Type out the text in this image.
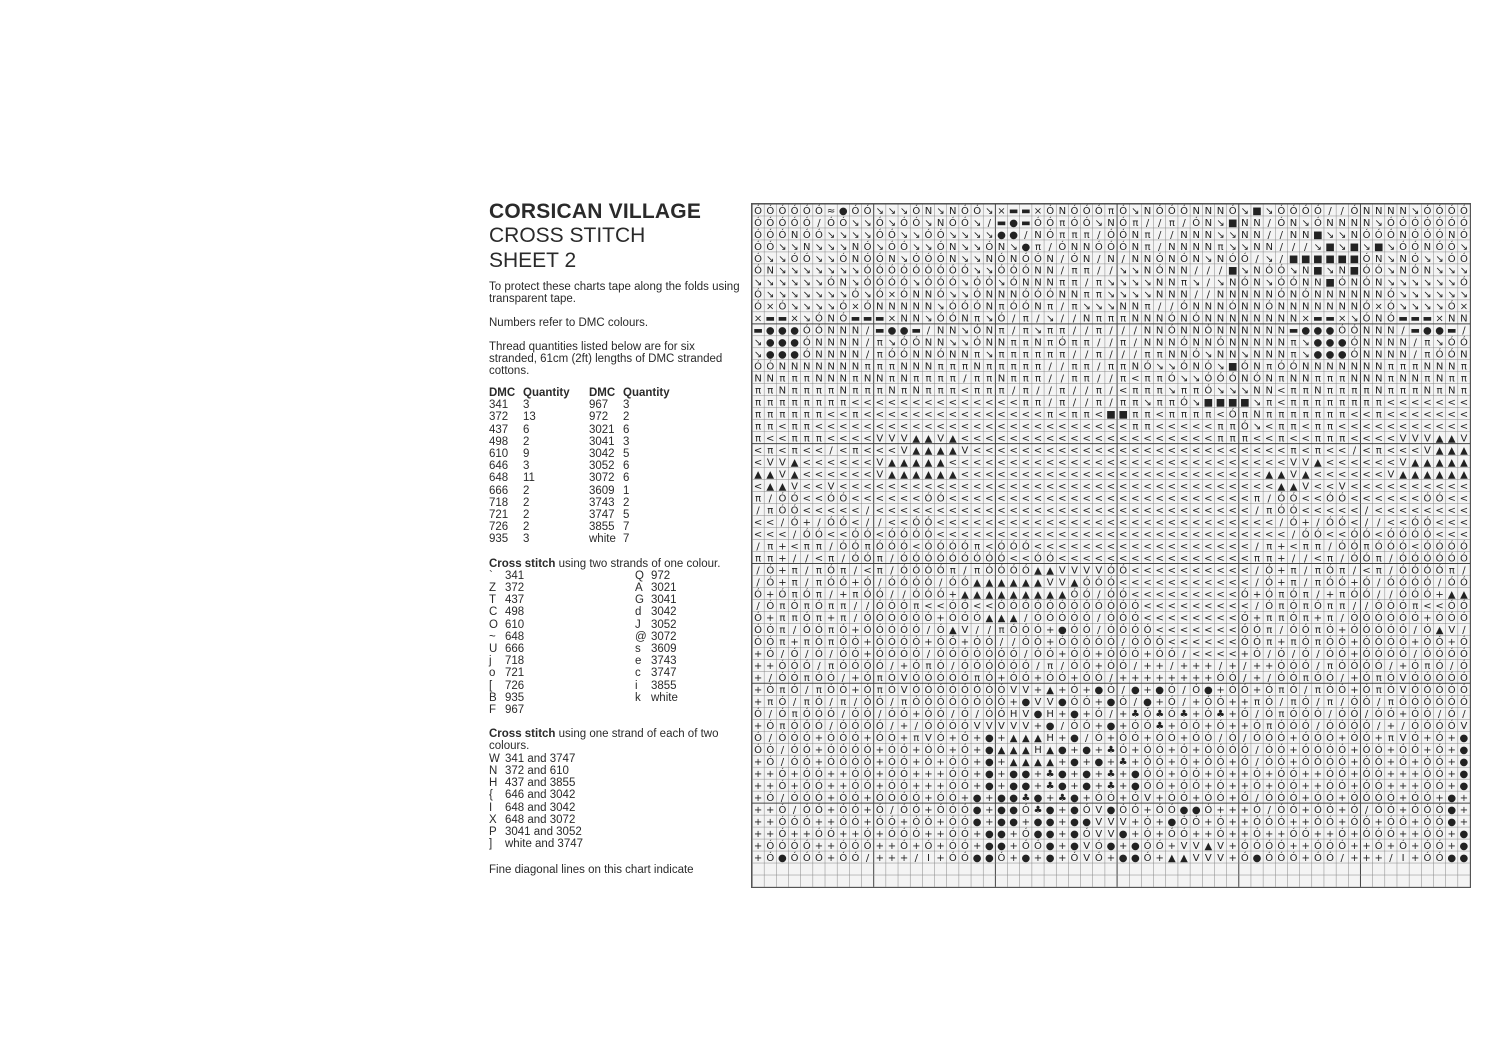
CORSICAN VILLAGE
CROSS STITCH
SHEET 2

To protect these charts tape along the folds using transparent tape.

Numbers refer to DMC colours.

Thread quantities listed below are for six stranded, 61cm (2ft) lengths of DMC stranded cottons.

DMC Quantity
341	3
372	13
437	6
498	2
610	9
646	3
648	11
666	2
718	2
721	2
726	2
935	3
DMC Quantity
967	3
972	2
3021 6
3041 3
3042 5
3052 6
3072 6
3609 1
3743 2
3747 5
3855 7
white 7
Cross stitch using two strands of one colour.
` 341
Z 372
T 437
C 498
O 610
~ 648
U 666
j 718
o 721
[ 726
B 935
F 967
Q 972
A 3021
G 3041
d 3042
J 3052
@ 3072
s 3609
e 3743
c 3747
i 3855
k white
Cross stitch using one strand of each of two colours.
W 341 and 3747
N 372 and 610
H 437 and 3855
{ 646 and 3042
I 648 and 3042
X 648 and 3072
P 3041 and 3052
] white and 3747

Fine diagonal lines on this chart indicate

Ó Ó Ó Ó Ó Ó ≈ ● Ó Ó ↘ ↘ ↘ Ó N ↘ N Ó Ó ↘ × ▬ ▬ × Ó N Ó Ó Ó π Ó ↘ N Ó Ó Ó N N N Ó ↘ ■ ↘ Ó Ó Ó Ó / / Ó N N N N ↘ Ó Ó Ó Ó
Ó Ó Ó Ó Ó / Ó Ó ↘ ↘ Ó ↘ Ó Ó ↘ N Ó Ó ↘ / ▬ ● ▬ Ó Ó π Ó Ó ↘ N Ó π / / π / Ó N ↘ ■ N N / Ó N ↘ Ó N N N N ↘ Ó Ó Ó Ó Ó Ó Ó
Ó Ó Ó N Ó Ó ↘ ↘ ↘ ↘ Ó Ó ↘ ↘ Ó Ó ↘ ↘ ↘ ↘ ● ● / N Ó π π π / Ó Ó N π / / N N N ↘ ↘ N N / / N N ■ ↘ ↘ N Ó Ó Ó N Ó Ó Ó N Ó
Ó Ó ↘ ↘ N ↘ ↘ ↘ N Ó ↘ Ó Ó ↘ ↘ Ó N ↘ ↘ Ó N ↘ ● π / Ó N N Ó Ó Ó N π / N N N N π ↘ ↘ N N / / / ↘ ■ ↘ ■ ↘ ■ ↘ Ó Ó N Ó Ó ↘
Ó ↘ ↘ Ó Ó ↘ ↘ Ó N Ó Ó N ↘ Ó Ó Ó N ↘ ↘ N Ó N Ó Ó N / Ó N / N / N N Ó N Ó N ↘ N Ó Ó / ↘ / ■ ■ ■ ■ ■ ■ Ó N ↘ N Ó ↘ ↘ Ó Ó
Ó N ↘ ↘ ↘ ↘ ↘ ↘ ↘ Ó Ó Ó Ó Ó Ó Ó Ó Ó ↘ ↘ Ó Ó Ó N N / π π / / ↘ ↘ N Ó N N / / / ■ ↘ N Ó Ó ↘ N ■ ↘ N ■ Ó Ó ↘ N Ó N ↘ ↘ ↘
↘ ↘ ↘ ↘ ↘ ↘ Ó N ↘ Ó Ó Ó Ó ↘ Ó Ó Ó ↘ Ó Ó ↘ Ó N N N π π / π ↘ ↘ ↘ ↘ N N π ↘ / ↘ N Ó N ↘ Ó Ó N N ■ Ó N Ó N ↘ ↘ ↘ ↘ ↘ ↘ Ó
Ó ↘ ↘ ↘ ↘ ↘ ↘ ↘ Ó ↘ Ó × Ó N N Ó ↘ ↘ Ó N N N Ó Ó Ó N N π π ↘ ↘ ↘ ↘ N N N / / N N N N N Ó N Ó N N N N N N Ó ↘ ↘ ↘ ↘ ↘ ↘
Ó × Ó ↘ ↘ ↘ ↘ Ó × Ó N N N N N ↘ Ó Ó Ó N π Ó Ó N π / π ↘ ↘ ↘ N N π / / Ó N N N Ó N N Ó N N N N N N N Ó × Ó ↘ ↘ ↘ ↘ Ó ×
× ▬ ▬ × ↘ Ó N Ó ▬ ▬ ▬ × N N ↘ Ó Ó N π ↘ Ó / π / ↘ / / N π π π N N N Ó N Ó N N N N N N N N × ▬ ▬ × ↘ Ó N Ó ▬ ▬ ▬ × N N
▬ ● ● ● Ó Ó N N N / ▬ ● ● ▬ / N N ↘ Ó N π / π ↘ π π / / π / / / N N Ó N N Ó N N N N N N ▬ ● ● ● Ó Ó N N N / ▬ ● ● ▬ /
↘ ● ● ● Ó N N N N / π ↘ Ó Ó N N ↘ ↘ Ó N N π π N π Ó π π / / π / N N N Ó N N Ó N N N N N π ↘ ● ● ● Ó N N N N / π ↘ Ó Ó
↘ ● ● ● Ó N N N N / π Ó Ó N N Ó N N π ↘ π π π π π π / / π / / / π π N N Ó ↘ N N ↘ N N N π ↘ ● ● ● Ó N N N N / π Ó Ó N
Ó Ó N N N N N N N π π π N N N π π π N π π π π π / / π π / π π N Ó ↘ ↘ Ó N Ó ↘ ■ Ó N π Ó Ó N N N N N N N π π π N N N π
N N π π π N N N π N N π N π π π π / π π N π π π / / π π / / π < π π Ó ↘ ↘ Ó Ó Ó N Ó N π N N π π π N N N π N N π N π π
π π N π π π π N π π π N π N π π π < π π π / π / / π / / π / < π π π ↘ π π Ó ↘ ↘ ↘ N N < π π N π π π π N π π π N π N π
π π π π π π π π < < < < < < < < < < < < < < π π / π / / π / π π ↘ π π Ó ↘ ■ ■ ■ ■ ↘ π < π π π π π π π π < < < < < < <
π π π π π π < < π < < < < < < < < < < < < < < < π < π π < ■ ■ π π < π π π π < Ó π N π π π π π π π < < π < < < < < < <
π π < π π < < < < < < < < < < < < < < < < < < < < < < < < < < π π < < < < < π π Ó ↘ < π π < π π < < < < < < < < < < <
π < < π π π < < < < V V V ▲ ▲ V ▲ < < < < < < < < < < < < < < < < < < < < < π π π < < π < < π π π < < < < V V V ▲ ▲ V
< π < π < < / < π < < < V ▲ ▲ ▲ ▲ V < < < < < < < < < < < < < < < < < < < < < < < < < < π < π < < / < π < < < V ▲ ▲ ▲
< V V ▲ < < < < < < V ▲ ▲ ▲ ▲ ▲ < < < < < < < < < < < < < < < < < < < < < < < < < < < < V V ▲ < < < < < < V ▲ ▲ ▲ ▲ ▲
▲ ▲ V ▲ < < < < < < V ▲ ▲ ▲ ▲ ▲ ▲ < < < < < < < < < < < < < < < < < < < < < < < < < ▲ ▲ V ▲ < < < < < < V ▲ ▲ ▲ ▲ ▲ ▲
< ▲ ▲ V < < V < < < < < < < < < < < < < < < < < < < < < < < < < < < < < < < < < < < < ▲ ▲ V < < V < < < < < < < < < <
π / Ó Ó < < Ó Ó < < < < < < Ó Ó < < < < < < < < < < < < < < < < < < < < < < < < < π / Ó Ó < < Ó Ó < < < < < < Ó Ó < <
/ π Ó Ó < < < < < / < < < < < < < < < < < < < < < < < < < < < < < < < < < < < < < / π Ó Ó < < < < < / < < < < < < < <
< < / Ó + / Ó Ó < / / < < Ó Ó < < < < < < < < < < < < < < < < < < < < < < < < < < < < / Ó + / Ó Ó < / / < < Ó Ó < < <
< < < / Ó Ó < < Ó Ó < Ó Ó Ó Ó < < < < < < < < < < < < < < < < < < < < < < < < < < < < < / Ó Ó < < Ó Ó < Ó Ó Ó Ó < < <
/ π + < π π / Ó Ó π Ó Ó Ó < Ó Ó Ó Ó π < Ó Ó Ó < < < < < < < < < < < < < < < < < < / π + < π π / Ó Ó π Ó Ó Ó < Ó Ó Ó Ó
π π + / / < π / Ó Ó π / Ó Ó Ó Ó Ó Ó Ó Ó Ó < < Ó Ó < < < < < < < < < < < < < < < < π π + / / < π / Ó Ó π / Ó Ó Ó Ó Ó Ó
/ Ó + π / π Ó π / < π / Ó Ó Ó Ó π / π Ó Ó Ó Ó ▲ ▲ V V V V Ó Ó < < < < < < < < < < / Ó + π / π Ó π / < π / Ó Ó Ó Ó π /
/ Ó + π / π Ó Ó + Ó / Ó Ó Ó Ó / Ó Ó ▲ ▲ ▲ ▲ ▲ ▲ V V ▲ Ó Ó Ó < < < < < < < < < < < / Ó + π / π Ó Ó + Ó / Ó Ó Ó Ó / Ó Ó
Ó + Ó π Ó π / + π Ó Ó / / Ó Ó Ó + ▲ ▲ ▲ ▲ ▲ ▲ ▲ ▲ ▲ Ó Ó / Ó Ó < < < < < < < < < Ó + Ó π Ó π / + π Ó Ó / / Ó Ó Ó + ▲ ▲
/ Ó π Ó π Ó π π / / Ó Ó Ó π < < Ó Ó < < Ó Ó Ó Ó Ó Ó Ó Ó Ó Ó Ó Ó < < < < < < < < < / Ó π Ó π Ó π π / / Ó Ó Ó π < < Ó Ó
Ó + π π Ó π + π / Ó Ó Ó Ó Ó Ó + Ó Ó Ó ▲ ▲ ▲ / Ó Ó Ó Ó Ó / Ó Ó Ó < < < < < < < < Ó + π π Ó π + π / Ó Ó Ó Ó Ó Ó + Ó Ó Ó
Ó Ó π / Ó Ó π Ó + Ó Ó Ó Ó Ó / Ó ▲ V / / π Ó Ó Ó + ● Ó Ó / Ó Ó Ó Ó < < < < < < < Ó Ó π / Ó Ó π Ó + Ó Ó Ó Ó Ó / Ó ▲ V /
Ó Ó π + π Ó π Ó Ó + Ó Ó Ó Ó + Ó Ó + Ó Ó / / Ó Ó + Ó Ó Ó Ó Ó / Ó Ó Ó < < < < < < Ó Ó π + π Ó π Ó Ó + Ó Ó Ó Ó + Ó Ó + Ó
+ Ó / Ó / Ó / Ó Ó + Ó Ó Ó Ó / Ó Ó Ó Ó Ó Ó Ó / Ó Ó + Ó Ó + Ó Ó Ó + Ó Ó / < < < < + Ó / Ó / Ó / Ó Ó + Ó Ó Ó Ó / Ó Ó Ó Ó
+ + Ó Ó Ó / π Ó Ó Ó Ó / + Ó π Ó / Ó Ó Ó Ó Ó Ó / π / Ó Ó + Ó Ó / + + / + + + / + / + + Ó Ó Ó / π Ó Ó Ó Ó / + Ó π Ó / Ó
+ / Ó Ó π Ó Ó / + Ó π Ó V Ó Ó Ó Ó Ó π Ó + Ó Ó + Ó Ó + Ó Ó / + + + + + + + + Ó Ó / + / Ó Ó π Ó Ó / + Ó π Ó V Ó Ó Ó Ó Ó
+ Ó π Ó / π Ó Ó + Ó π Ó V Ó Ó Ó Ó Ó Ó Ó Ó V V + ▲ + Ó + ● Ó / ● + ● Ó / Ó ● + Ó Ó + Ó π Ó / π Ó Ó + Ó π Ó V Ó Ó Ó Ó Ó
+ π Ó / π Ó / π / Ó Ó / π Ó Ó Ó Ó Ó Ó Ó Ó + ● V V ● Ó Ó + ● Ó / ● + Ó / + Ó Ó + + π Ó / π Ó / π / Ó Ó / π Ó Ó Ó Ó Ó Ó
Ó / Ó π Ó Ó Ó / Ó Ó / Ó Ó + Ó Ó / Ó / Ó Ó H V ● H + ● + Ó / + ♣ Ó ♣ Ó ♣ + Ó ♣ + Ó / Ó π Ó Ó Ó / Ó Ó / Ó Ó + Ó Ó / Ó /
+ Ó π Ó Ó Ó / Ó Ó Ó Ó / + / Ó Ó Ó Ó V V V V V + ● / Ó Ó + ● + Ó Ó ♣ + Ó Ó + Ó + + Ó π Ó Ó Ó / Ó Ó Ó Ó / + / Ó Ó Ó Ó V
Ó / Ó Ó Ó + Ó Ó Ó + Ó Ó + π V Ó + Ó + ● + ▲ ▲ ▲ H + ● / Ó + Ó Ó + Ó Ó + Ó Ó / Ó / Ó Ó Ó + Ó Ó Ó + Ó Ó + π V Ó + Ó + ●
Ó Ó / Ó Ó + Ó Ó Ó Ó + Ó Ó + Ó Ó + Ó + ● ▲ ▲ ▲ H ▲ ● + ● + ♣ Ó + Ó Ó + Ó + Ó Ó Ó Ó / Ó Ó + Ó Ó Ó Ó + Ó Ó + Ó Ó + Ó + ●
+ Ó / Ó Ó + Ó Ó Ó Ó + Ó Ó + Ó + Ó Ó + ● + ▲ ▲ ▲ ▲ + ● + ● + ♣ + Ó Ó + Ó + Ó Ó + Ó / Ó Ó + Ó Ó Ó Ó + Ó Ó + Ó + Ó Ó + ●
+ + Ó + Ó Ó + + Ó Ó + Ó Ó + + + Ó Ó + ● + ● ● + ♣ ● + ● + ♣ + ● Ó Ó + Ó Ó + Ó + + Ó + Ó Ó + + Ó Ó + Ó Ó + + + Ó Ó + ●
+ + Ó + Ó Ó + + Ó Ó + Ó Ó + + + Ó Ó + ● + ● ● + ♣ ● + ● + ♣ + ● Ó Ó + Ó Ó + Ó + + Ó + Ó Ó + + Ó Ó + Ó Ó + + + Ó Ó + ●
+ Ó / Ó Ó Ó + Ó Ó + Ó Ó Ó Ó + Ó Ó + ● + ● ● ♣ ● + ♣ ● + Ó Ó + Ó V + Ó Ó + Ó Ó + Ó / Ó Ó Ó + Ó Ó + Ó Ó Ó Ó + Ó Ó + ● +
+ + Ó / Ó Ó + Ó Ó + Ó / Ó Ó + Ó Ó Ó ● + ● ● Ó ♣ ● + ● Ó V ● Ó Ó + Ó Ó ● ● Ó + + + Ó / Ó Ó + Ó Ó + Ó / Ó Ó + Ó Ó Ó ● +
+ + Ó Ó Ó + + Ó Ó + Ó Ó + Ó Ó + Ó Ó ● + ● ● + ● ● + ● ● V V V + Ó + ● Ó Ó + Ó + + Ó Ó Ó + + Ó Ó + Ó Ó + Ó Ó + Ó Ó ● +
+ + Ó + + Ó Ó + + Ó + Ó Ó Ó + + Ó Ó + ● ● + Ó ● ● + ● Ó V V ● + Ó + Ó Ó + + Ó + + Ó + + Ó Ó + + Ó + Ó Ó Ó + + Ó Ó + ●
+ Ó Ó Ó Ó + + Ó Ó Ó + + Ó + Ó + Ó Ó + ● ● + Ó Ó ● + ● V Ó ● + ● Ó Ó + V V ▲ V + Ó Ó Ó Ó + + Ó Ó Ó + + Ó + Ó + Ó Ó + ●
+ Ó ● Ó Ó Ó + Ó Ó / + + + / I + Ó Ó ● ● Ó + ● + ● + Ó V Ó + ● ● Ó + ▲ ▲ V V V + Ó ● Ó Ó Ó + Ó Ó / + + + / I + Ó Ó ● ●
